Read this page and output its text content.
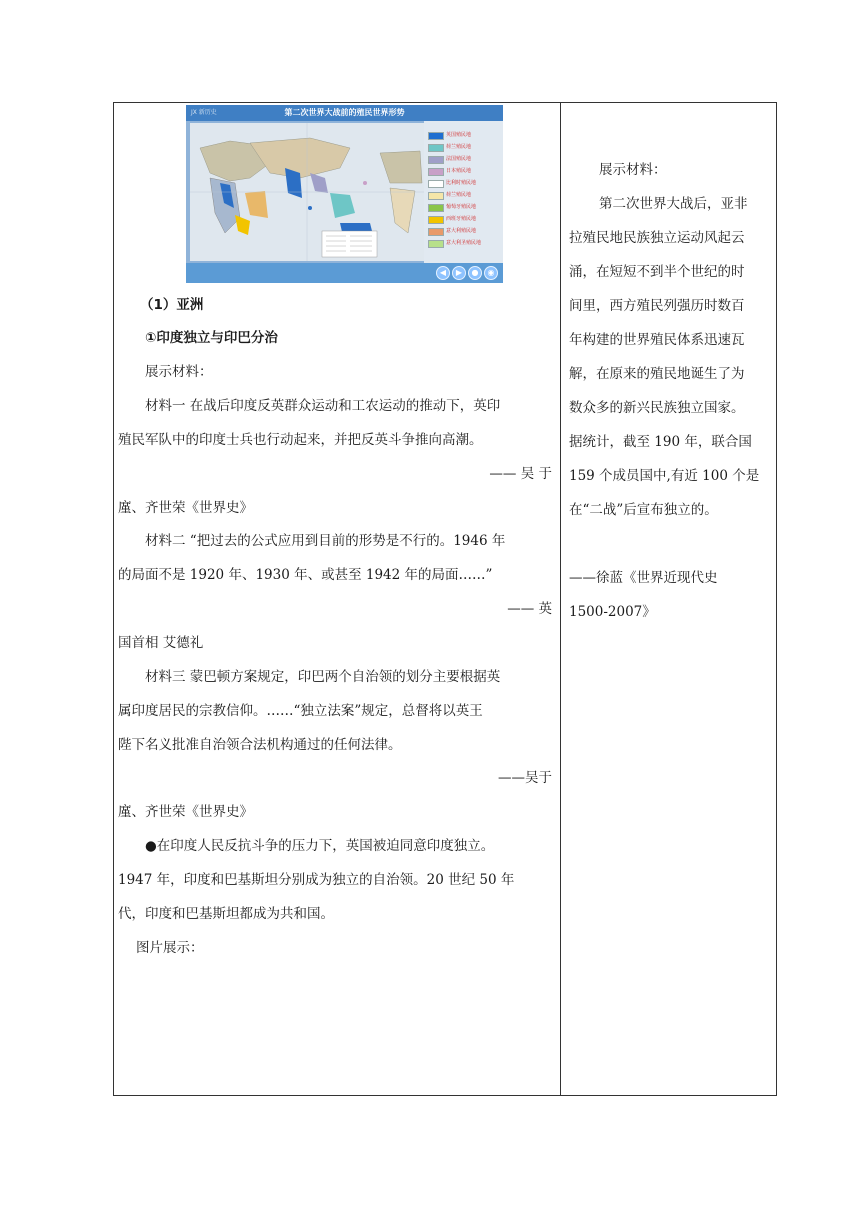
JX 新历史	第二次世界大战前的殖民世界形势
英国殖民地
荷兰殖民地
法国殖民地
日本殖民地
比利时殖民地
荷兰殖民地
葡萄牙殖民地
西班牙殖民地
意大利殖民地
意大利圣殖民地
◀	▶	●	◉
（1）亚洲
①印度独立与印巴分治
展示材料：
材料一 在战后印度反英群众运动和工农运动的推动下，英印
殖民军队中的印度士兵也行动起来，并把反英斗争推向高潮。
—— 吴 于
廑、齐世荣《世界史》
材料二 “把过去的公式应用到目前的形势是不行的。1946 年
的局面不是 1920 年、1930 年、或甚至 1942 年的局面……”
—— 英
国首相 艾德礼
材料三 蒙巴顿方案规定，印巴两个自治领的划分主要根据英
属印度居民的宗教信仰。……“独立法案”规定，总督将以英王
陛下名义批准自治领合法机构通过的任何法律。
——吴于
廑、齐世荣《世界史》
●在印度人民反抗斗争的压力下，英国被迫同意印度独立。
1947 年，印度和巴基斯坦分别成为独立的自治领。20 世纪 50 年
代，印度和巴基斯坦都成为共和国。
图片展示：
展示材料：
第二次世界大战后，亚非
拉殖民地民族独立运动风起云
涌，在短短不到半个世纪的时
间里，西方殖民列强历时数百
年构建的世界殖民体系迅速瓦
解，在原来的殖民地诞生了为
数众多的新兴民族独立国家。
据统计，截至 190 年，联合国
159 个成员国中,有近 100 个是
在“二战”后宣布独立的。
——徐蓝《世界近现代史
1500-2007》
